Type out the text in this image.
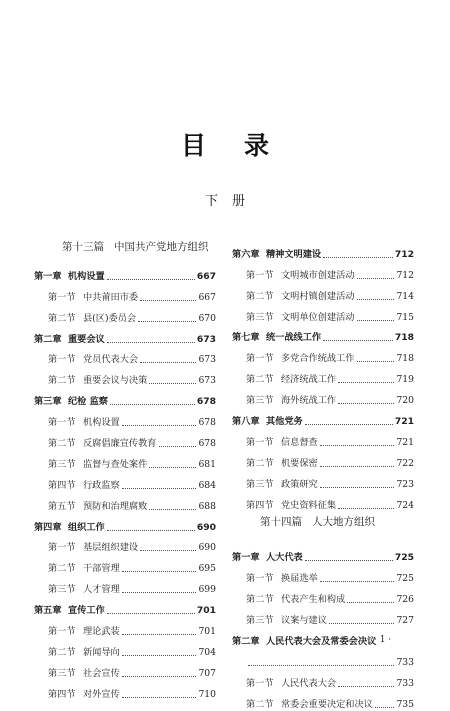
目录
下册
第十三篇 中国共产党地方组织
第一章 机构设置	667
第一节 中共莆田市委	667
第二节 县(区)委员会	670
第二章 重要会议	673
第一节 党员代表大会	673
第二节 重要会议与决策	673
第三章 纪检 监察	678
第一节 机构设置	678
第二节 反腐倡廉宣传教育	678
第三节 监督与查处案件	681
第四节 行政监察	684
第五节 预防和治理腐败	688
第四章 组织工作	690
第一节 基层组织建设	690
第二节 干部管理	695
第三节 人才管理	699
第五章 宣传工作	701
第一节 理论武装	701
第二节 新闻导向	704
第三节 社会宣传	707
第四节 对外宣传	710
第六章 精神文明建设	712
第一节 文明城市创建活动	712
第二节 文明村镇创建活动	714
第三节 文明单位创建活动	715
第七章 统一战线工作	718
第一节 多党合作统战工作	718
第二节 经济统战工作	719
第三节 海外统战工作	720
第八章 其他党务	721
第一节 信息督查	721
第二节 机要保密	722
第三节 政策研究	723
第四节 党史资料征集	724
第十四篇 人大地方组织
第一章 人大代表	725
第一节 换届选举	725
第二节 代表产生和构成	726
第三节 议案与建议	727
第二章 人民代表大会及常委会决议
733
第一节 人民代表大会	733
第二节 常委会重要决定和决议	735
· 1 ·
